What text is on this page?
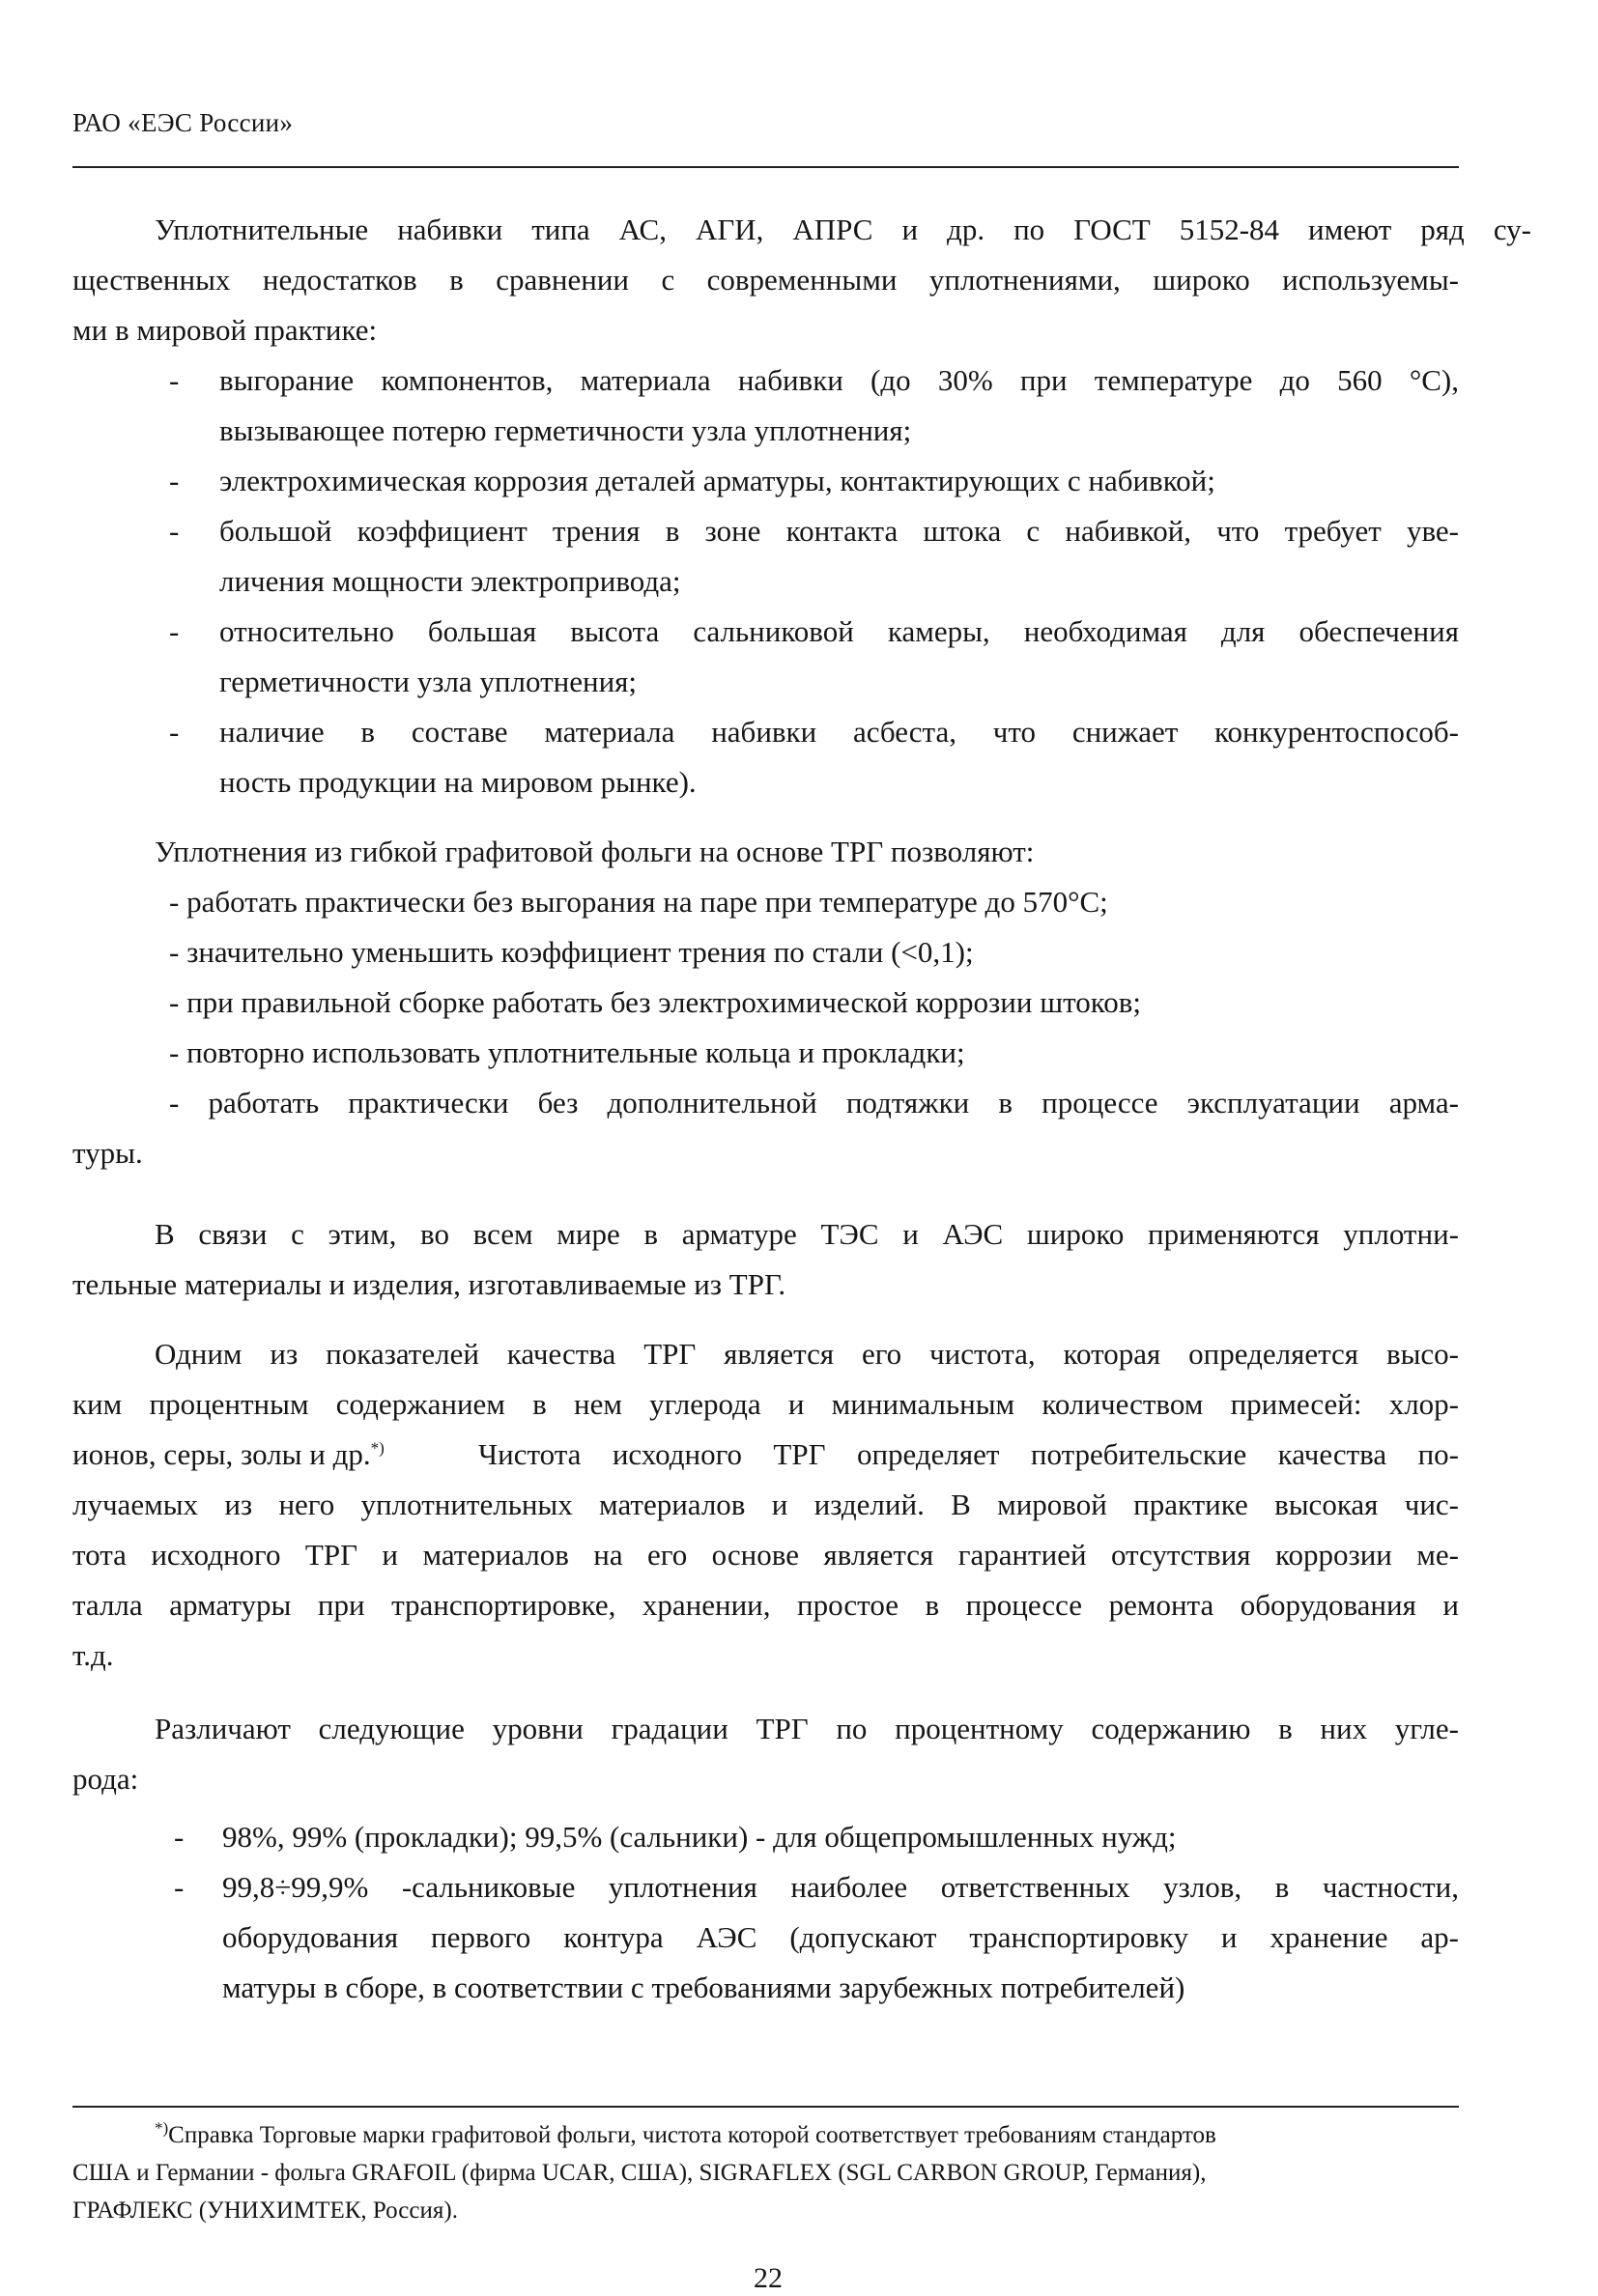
РАО «ЕЭС России»
Уплотнительные набивки типа АС, АГИ, АПРС и др. по ГОСТ 5152-84 имеют ряд су-
щественных недостатков в сравнении с современными уплотнениями, широко используемы-
ми в мировой практике:
- выгорание компонентов, материала набивки (до 30% при температуре до 560 °С),
вызывающее потерю герметичности узла уплотнения;
- электрохимическая коррозия деталей арматуры, контактирующих с набивкой;
- большой коэффициент трения в зоне контакта штока с набивкой, что требует уве-
личения мощности электропривода;
- относительно большая высота сальниковой камеры, необходимая для обеспечения
герметичности узла уплотнения;
- наличие в составе материала набивки асбеста, что снижает конкурентоспособ-
ность продукции на мировом рынке).
Уплотнения из гибкой графитовой фольги на основе ТРГ позволяют:
- работать практически без выгорания на паре при температуре до 570°С;
- значительно уменьшить коэффициент трения по стали (<0,1);
- при правильной сборке работать без электрохимической коррозии штоков;
- повторно использовать уплотнительные кольца и прокладки;
- работать практически без дополнительной подтяжки в процессе эксплуатации арма-
туры.
В связи с этим, во всем мире в арматуре ТЭС и АЭС широко применяются уплотни-
тельные материалы и изделия, изготавливаемые из ТРГ.
Одним из показателей качества ТРГ является его чистота, которая определяется высо-
ким процентным содержанием в нем углерода и минимальным количеством примесей: хлор-
ионов, серы, золы и др.*)	Чистота исходного ТРГ определяет потребительские качества по-
лучаемых из него уплотнительных материалов и изделий. В мировой практике высокая чис-
тота исходного ТРГ и материалов на его основе является гарантией отсутствия коррозии ме-
талла арматуры при транспортировке, хранении, простое в процессе ремонта оборудования и
т.д.
Различают следующие уровни градации ТРГ по процентному содержанию в них угле-
рода:
- 98%, 99% (прокладки); 99,5% (сальники) - для общепромышленных нужд;
- 99,8÷99,9% -сальниковые уплотнения наиболее ответственных узлов, в частности,
оборудования первого контура АЭС (допускают транспортировку и хранение ар-
матуры в сборе, в соответствии с требованиями зарубежных потребителей)
*)Справка Торговые марки графитовой фольги, чистота которой соответствует требованиям стандартов
США и Германии - фольга GRAFOIL (фирма UCAR, США), SIGRAFLEX (SGL CARBON GROUP, Германия),
ГРАФЛЕКС (УНИХИМТЕК, Россия).
22
